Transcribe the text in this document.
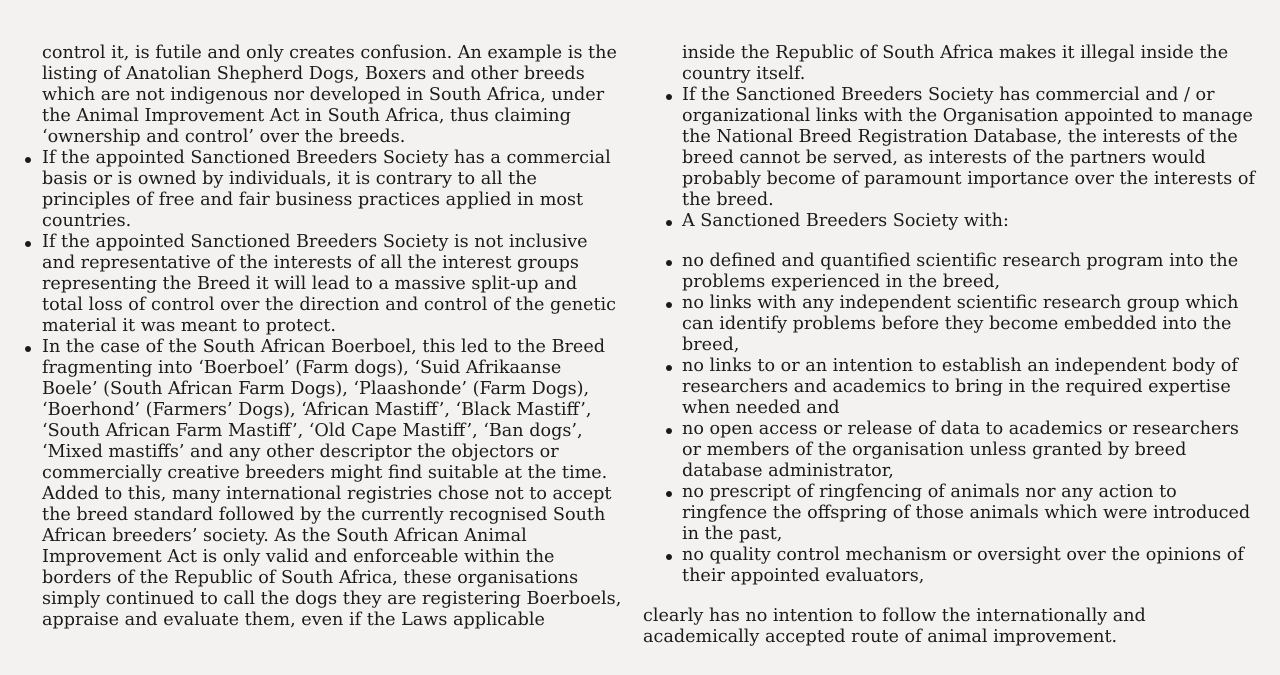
control it, is futile and only creates confusion. An example is the listing of Anatolian Shepherd Dogs, Boxers and other breeds which are not indigenous nor developed in South Africa, under the Animal Improvement Act in South Africa, thus claiming ‘ownership and control’ over the breeds.

If the appointed Sanctioned Breeders Society has a commercial basis or is owned by individuals, it is contrary to all the principles of free and fair business practices applied in most countries.
If the appointed Sanctioned Breeders Society is not inclusive and representative of the interests of all the interest groups representing the Breed it will lead to a massive split-up and total loss of control over the direction and control of the genetic material it was meant to protect.
In the case of the South African Boerboel, this led to the Breed fragmenting into ‘Boerboel’ (Farm dogs), ‘Suid Afrikaanse Boele’ (South African Farm Dogs), ‘Plaashonde’ (Farm Dogs), ‘Boerhond’ (Farmers’ Dogs), ‘African Mastiff’, ‘Black Mastiff’, ‘South African Farm Mastiff’, ‘Old Cape Mastiff’, ‘Ban dogs’, ‘Mixed mastiffs’ and any other descriptor the objectors or commercially creative breeders might find suitable at the time. Added to this, many international registries chose not to accept the breed standard followed by the currently recognised South African breeders’ society. As the South African Animal Improvement Act is only valid and enforceable within the borders of the Republic of South Africa, these organisations simply continued to call the dogs they are registering Boerboels, appraise and evaluate them, even if the Laws applicable

inside the Republic of South Africa makes it illegal inside the country itself.

If the Sanctioned Breeders Society has commercial and / or organizational links with the Organisation appointed to manage the National Breed Registration Database, the interests of the breed cannot be served, as interests of the partners would probably become of paramount importance over the interests of the breed.
A Sanctioned Breeders Society with:
no defined and quantified scientific research program into the problems experienced in the breed,
no links with any independent scientific research group which can identify problems before they become embedded into the breed,
no links to or an intention to establish an independent body of researchers and academics to bring in the required expertise when needed and
no open access or release of data to academics or researchers or members of the organisation unless granted by breed database administrator,
no prescript of ringfencing of animals nor any action to ringfence the offspring of those animals which were introduced in the past,
no quality control mechanism or oversight over the opinions of their appointed evaluators,

clearly has no intention to follow the internationally and academically accepted route of animal improvement.
